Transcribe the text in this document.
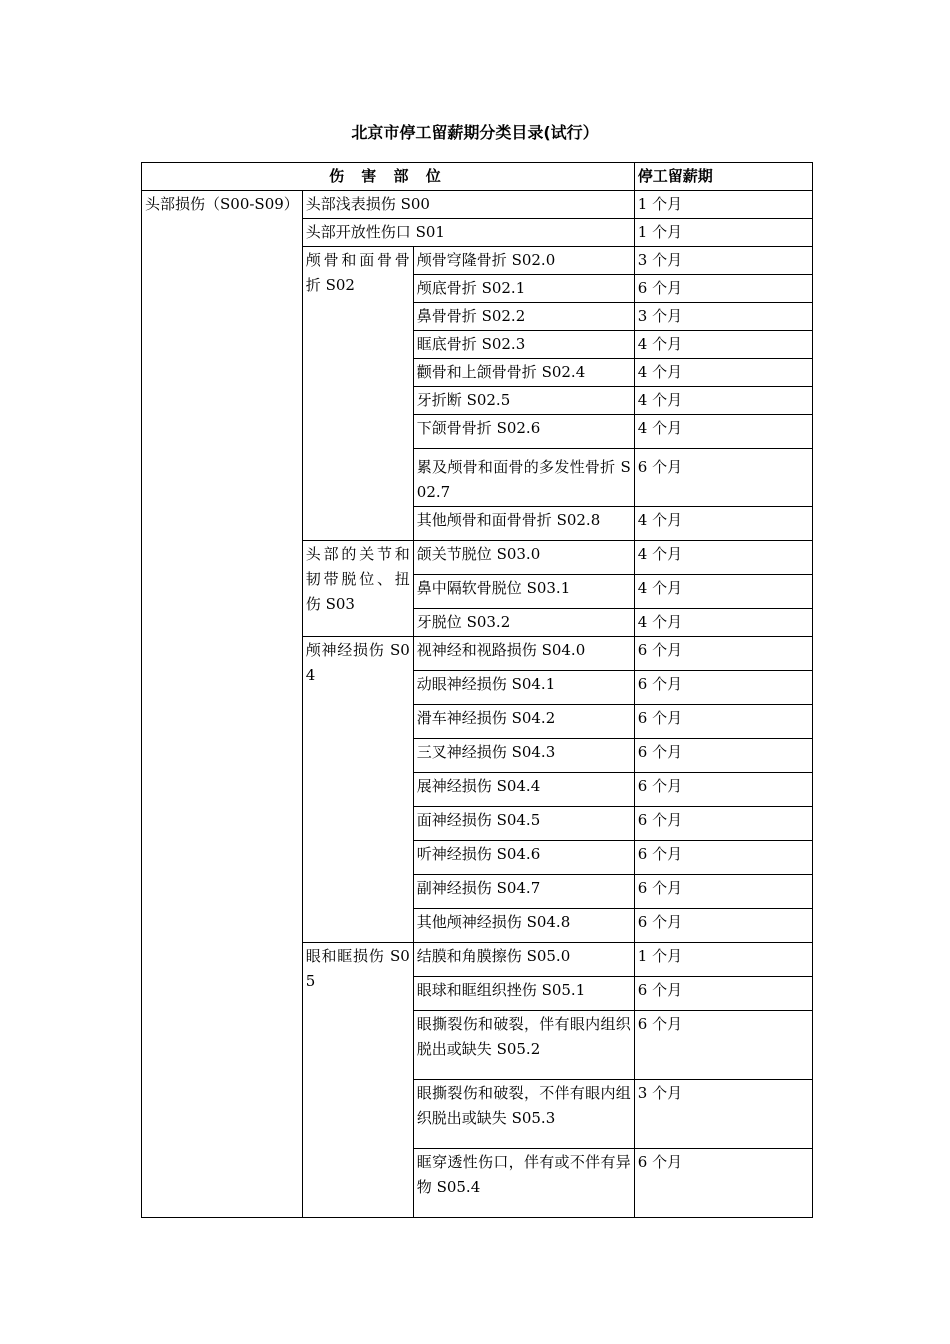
北京市停工留薪期分类目录(试行）
伤 害 部 位			停工留薪期
头部损伤（S00-S09）	头部浅表损伤 S00		1 个月
	头部开放性伤口 S01		1 个月
	颅骨和面骨骨折 S02	颅骨穹隆骨折 S02.0	3 个月
		颅底骨折 S02.1	6 个月
		鼻骨骨折 S02.2	3 个月
		眶底骨折 S02.3	4 个月
		颧骨和上颌骨骨折 S02.4	4 个月
		牙折断 S02.5	4 个月
		下颌骨骨折 S02.6	4 个月
		累及颅骨和面骨的多发性骨折 S02.7	6 个月
		其他颅骨和面骨骨折 S02.8	4 个月
	头部的关节和韧带脱位、扭伤 S03	颌关节脱位 S03.0	4 个月
		鼻中隔软骨脱位 S03.1	4 个月
		牙脱位 S03.2	4 个月
	颅神经损伤 S04	视神经和视路损伤 S04.0	6 个月
		动眼神经损伤 S04.1	6 个月
		滑车神经损伤 S04.2	6 个月
		三叉神经损伤 S04.3	6 个月
		展神经损伤 S04.4	6 个月
		面神经损伤 S04.5	6 个月
		听神经损伤 S04.6	6 个月
		副神经损伤 S04.7	6 个月
		其他颅神经损伤 S04.8	6 个月
	眼和眶损伤 S05	结膜和角膜擦伤 S05.0	1 个月
		眼球和眶组织挫伤 S05.1	6 个月
		眼撕裂伤和破裂，伴有眼内组织脱出或缺失 S05.2	6 个月
		眼撕裂伤和破裂，不伴有眼内组织脱出或缺失 S05.3	3 个月
		眶穿透性伤口，伴有或不伴有异物 S05.4	6 个月
